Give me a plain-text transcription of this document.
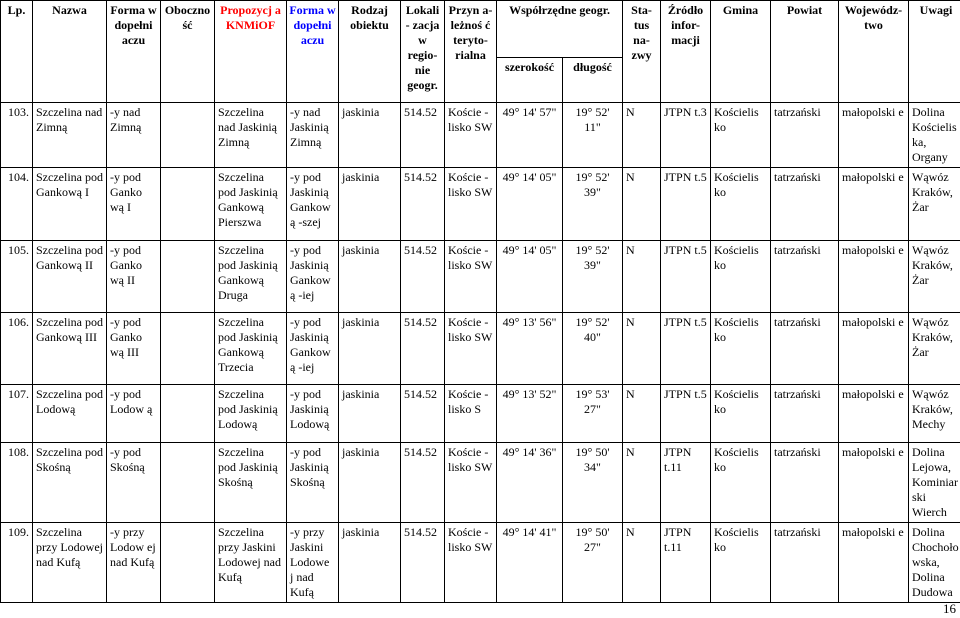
Lp.	Nazwa	Forma w dopełni aczu	Oboczno ść	Propozycj a KNMiOF	Forma w dopełni aczu	Rodzaj obiektu	Lokali - zacja w regio- nie geogr.	Przyn a- leżnoś ć teryto- rialna	Współrzędne geogr.		Sta- tus na- zwy	Źródło infor- macji	Gmina	Powiat	Wojewódz- two	Uwagi
									szerokość	długość						
103.	Szczelina nad Zimną	-y nad Zimną		Szczelina nad Jaskinią Zimną	-y nad Jaskinią Zimną	jaskinia	514.52	Koście -lisko SW	49° 14' 57"	19° 52' 11"	N	JTPN t.3	Kościelis ko	tatrzański	małopolski e	Dolina Kościeliska, Organy
104.	Szczelina pod Gankową I	-y pod Ganko wą I		Szczelina pod Jaskinią Gankową Pierszwa	-y pod Jaskinią Gankow ą -szej	jaskinia	514.52	Koście -lisko SW	49° 14' 05"	19° 52' 39"	N	JTPN t.5	Kościelis ko	tatrzański	małopolski e	Wąwóz Kraków, Żar
105.	Szczelina pod Gankową II	-y pod Ganko wą II		Szczelina pod Jaskinią Gankową Druga	-y pod Jaskinią Gankow ą -iej	jaskinia	514.52	Koście -lisko SW	49° 14' 05"	19° 52' 39"	N	JTPN t.5	Kościelis ko	tatrzański	małopolski e	Wąwóz Kraków, Żar
106.	Szczelina pod Gankową III	-y pod Ganko wą III		Szczelina pod Jaskinią Gankową Trzecia	-y pod Jaskinią Gankow ą -iej	jaskinia	514.52	Koście -lisko SW	49° 13' 56"	19° 52' 40"	N	JTPN t.5	Kościelis ko	tatrzański	małopolski e	Wąwóz Kraków, Żar
107.	Szczelina pod Lodową	-y pod Lodow ą		Szczelina pod Jaskinią Lodową	-y pod Jaskinią Lodową	jaskinia	514.52	Koście -lisko S	49° 13' 52"	19° 53' 27"	N	JTPN t.5	Kościelis ko	tatrzański	małopolski e	Wąwóz Kraków, Mechy
108.	Szczelina pod Skośną	-y pod Skośną		Szczelina pod Jaskinią Skośną	-y pod Jaskinią Skośną	jaskinia	514.52	Koście -lisko SW	49° 14' 36"	19° 50' 34"	N	JTPN t.11	Kościelis ko	tatrzański	małopolski e	Dolina Lejowa, Kominiarski Wierch
109.	Szczelina przy Lodowej nad Kufą	-y przy Lodow ej nad Kufą		Szczelina przy Jaskini Lodowej nad Kufą	-y przy Jaskini Lodowe j nad Kufą	jaskinia	514.52	Koście -lisko SW	49° 14' 41"	19° 50' 27"	N	JTPN t.11	Kościelis ko	tatrzański	małopolski e	Dolina Chochołowska, Dolina Dudowa
16
